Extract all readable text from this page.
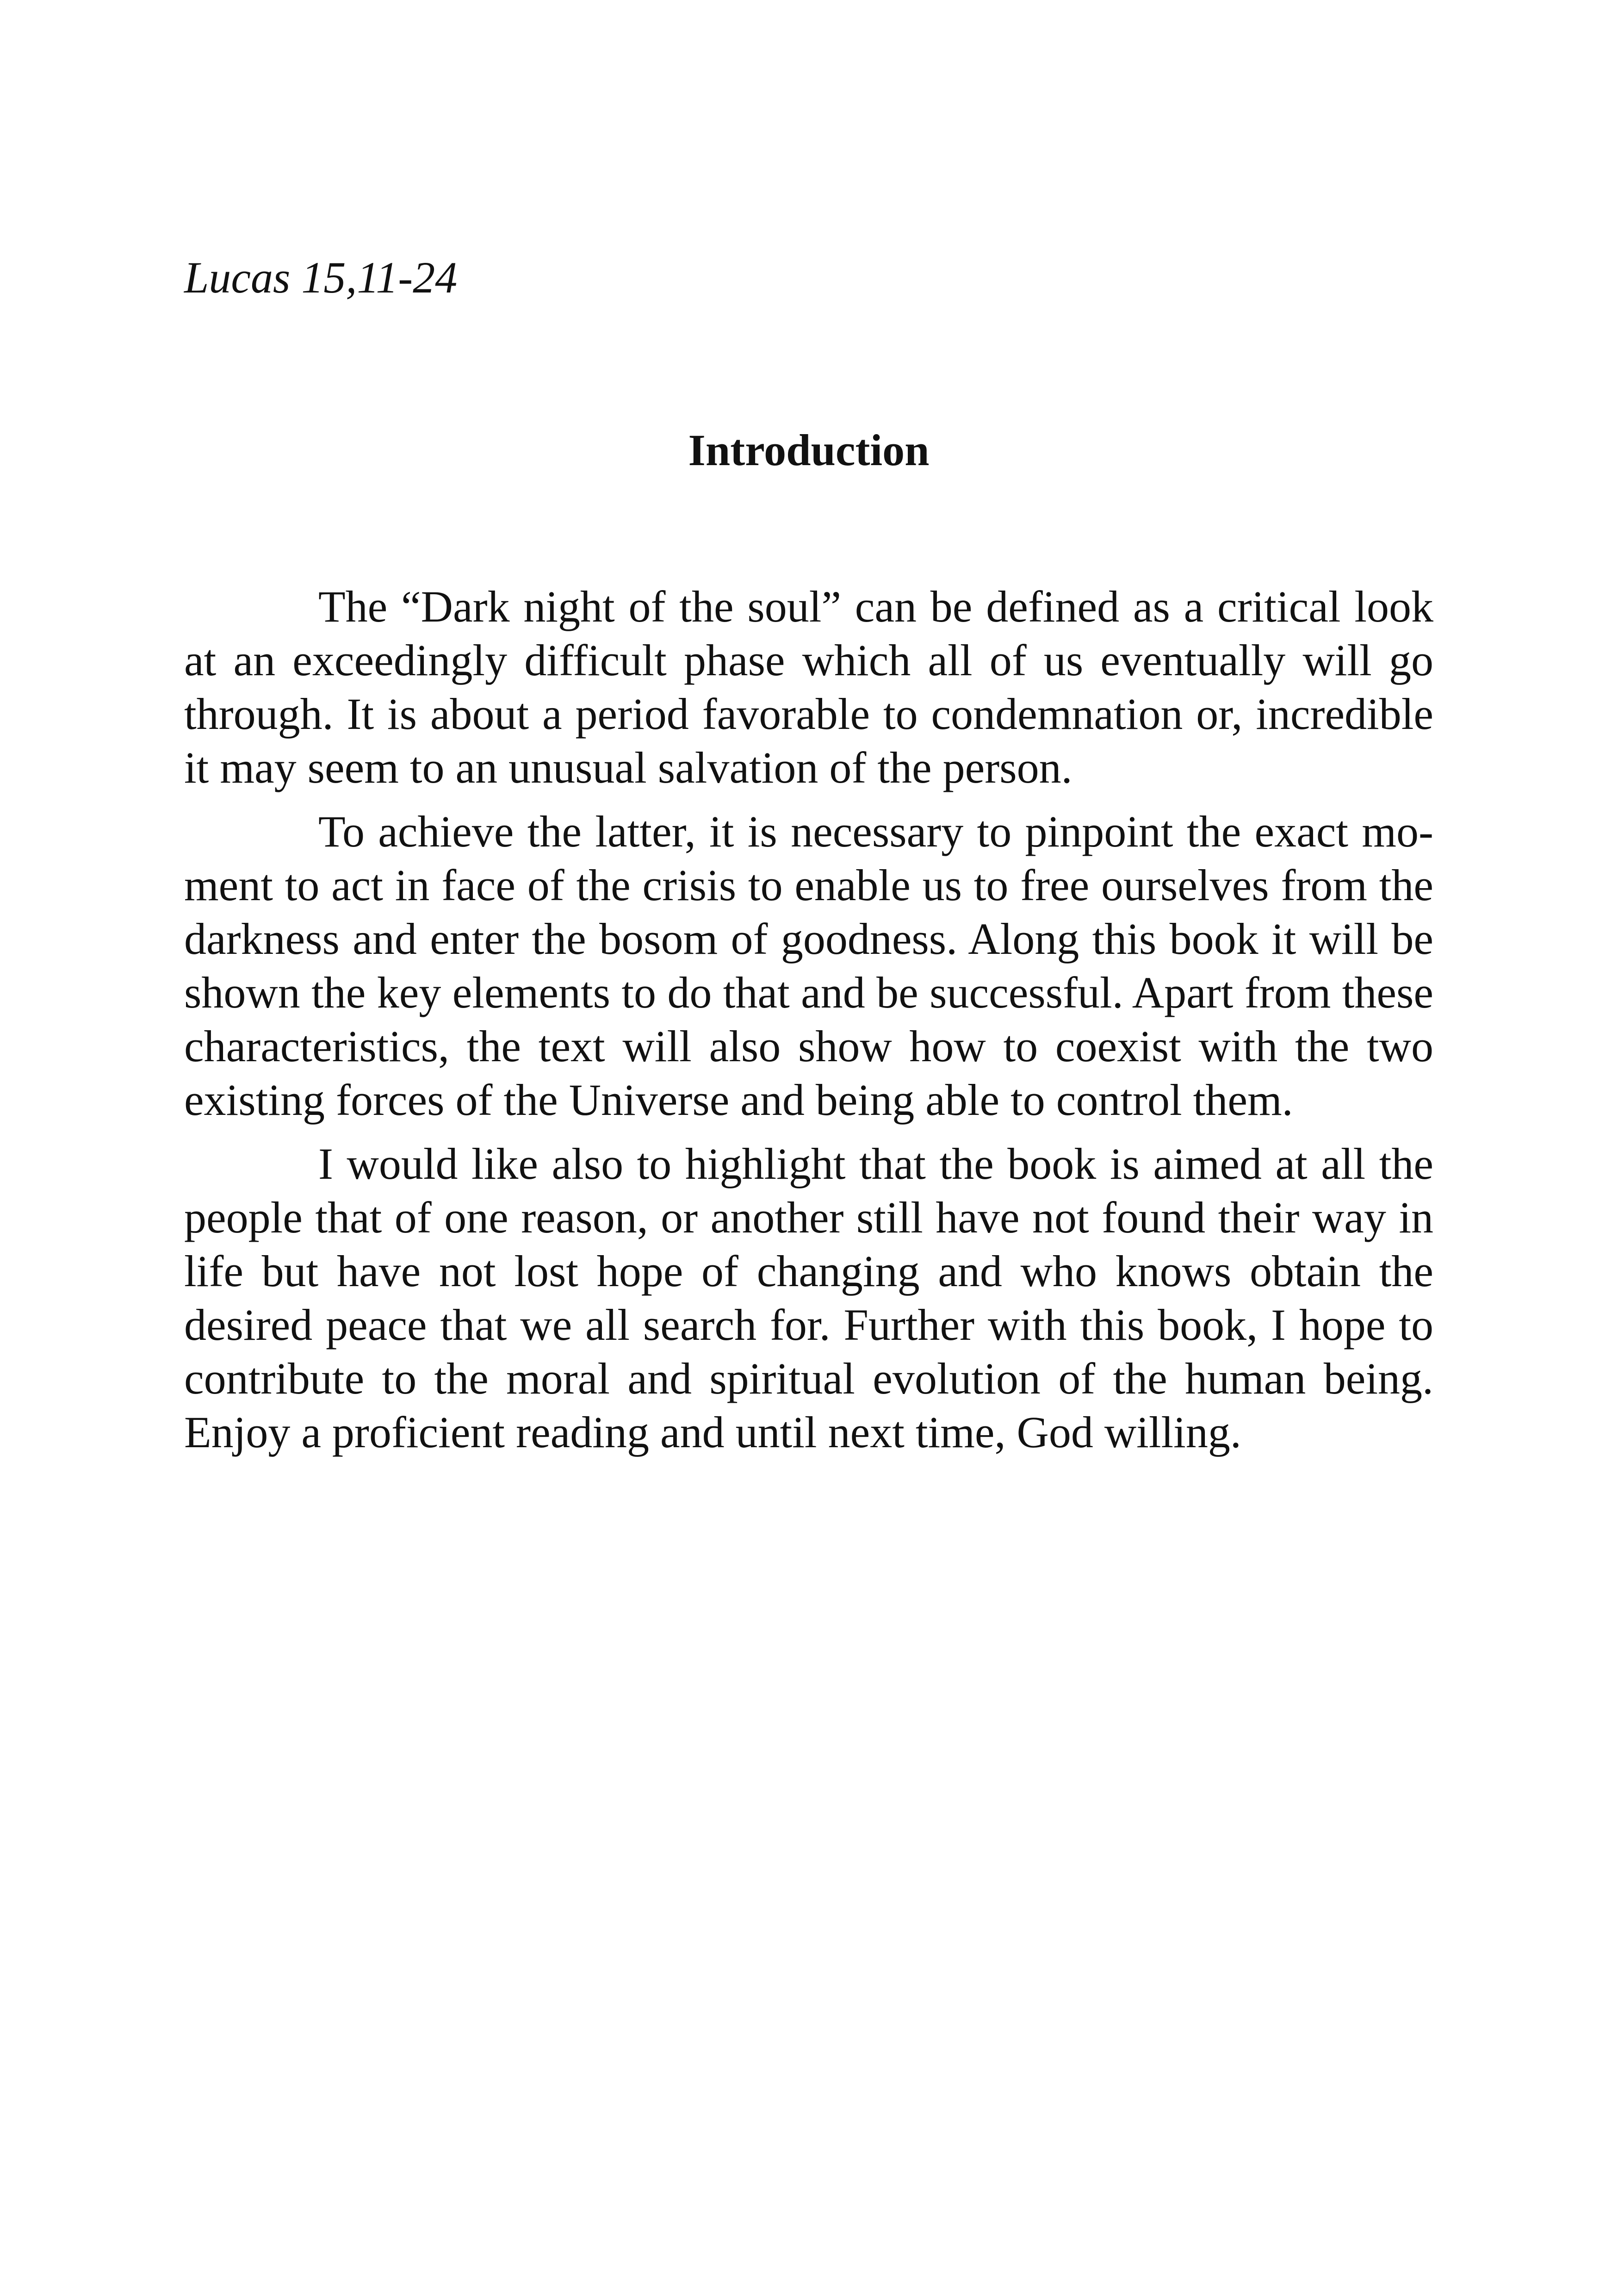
Lucas 15,11-24

Introduction

The “Dark night of the soul” can be defined as a critical look at an exceedingly difficult phase which all of us eventually will go through. It is about a period favorable to condemnation or, incredible it may seem to an unusual salvation of the person.

To achieve the latter, it is necessary to pinpoint the exact moment to act in face of the crisis to enable us to free ourselves from the darkness and enter the bosom of goodness. Along this book it will be shown the key elements to do that and be successful. Apart from these characteristics, the text will also show how to coexist with the two existing forces of the Universe and being able to control them.

I would like also to highlight that the book is aimed at all the people that of one reason, or another still have not found their way in life but have not lost hope of changing and who knows obtain the desired peace that we all search for. Further with this book, I hope to contribute to the moral and spiritual evolution of the human being. Enjoy a proficient reading and until next time, God willing.
